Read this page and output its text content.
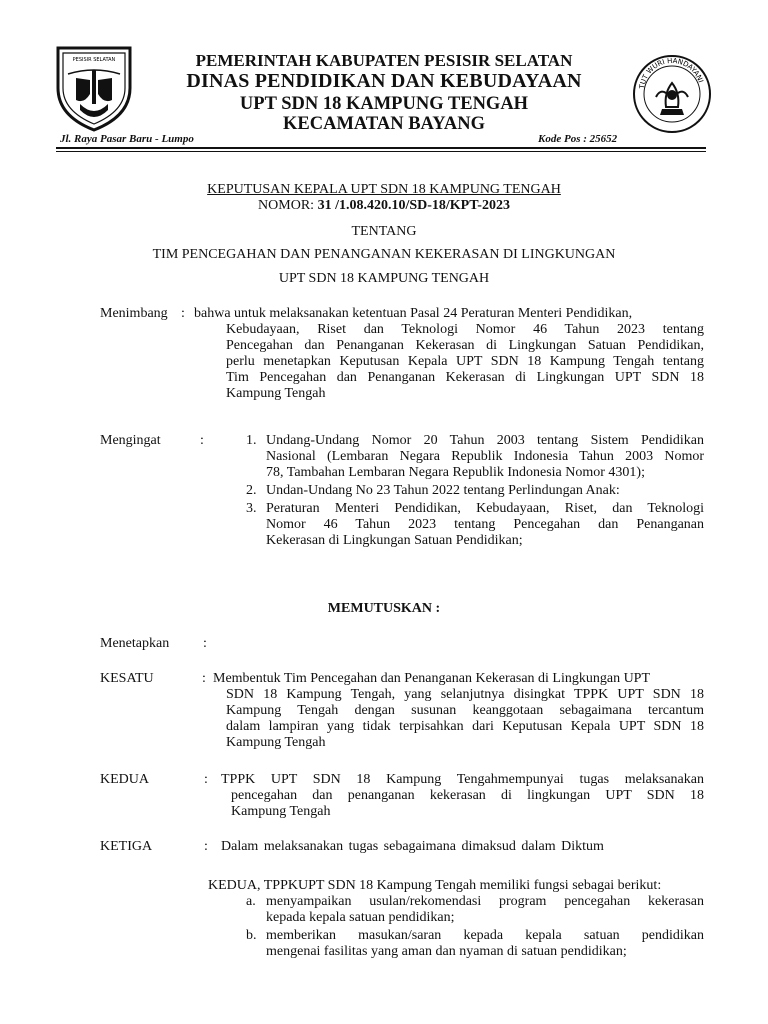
PESISIR SELATAN	PEMERINTAH KABUPATEN PESISIR SELATAN
DINAS PENDIDIKAN DAN KEBUDAYAAN
UPT SDN 18 KAMPUNG TENGAH
KECAMATAN BAYANG
TUT WURI HANDAYANI
Jl. Raya Pasar Baru - Lumpo	Kode Pos : 25652
KEPUTUSAN KEPALA UPT SDN 18 KAMPUNG TENGAH
NOMOR: 31 /1.08.420.10/SD-18/KPT-2023
TENTANG
TIM PENCEGAHAN DAN PENANGANAN KEKERASAN DI LINGKUNGAN
UPT SDN 18 KAMPUNG TENGAH
Menimbang : bahwa untuk melaksanakan ketentuan Pasal 24 Peraturan Menteri Pendidikan,
Kebudayaan, Riset dan Teknologi Nomor 46 Tahun 2023 tentang
Pencegahan dan Penanganan Kekerasan di Lingkungan Satuan Pendidikan,
perlu menetapkan Keputusan Kepala UPT SDN 18 Kampung Tengah tentang
Tim Pencegahan dan Penanganan Kekerasan di Lingkungan UPT SDN 18
Kampung Tengah
Mengingat	:	1. Undang-Undang Nomor 20 Tahun 2003 tentang Sistem Pendidikan
Nasional (Lembaran Negara Republik Indonesia Tahun 2003 Nomor
78, Tambahan Lembaran Negara Republik Indonesia Nomor 4301);
2. Undan-Undang No 23 Tahun 2022 tentang Perlindungan Anak:
3. Peraturan Menteri Pendidikan, Kebudayaan, Riset, dan Teknologi
Nomor 46 Tahun 2023 tentang Pencegahan dan Penanganan
Kekerasan di Lingkungan Satuan Pendidikan;
MEMUTUSKAN :
Menetapkan :
KESATU	: Membentuk Tim Pencegahan dan Penanganan Kekerasan di Lingkungan UPT
SDN 18 Kampung Tengah, yang selanjutnya disingkat TPPK UPT SDN 18
Kampung Tengah dengan susunan keanggotaan sebagaimana tercantum
dalam lampiran yang tidak terpisahkan dari Keputusan Kepala UPT SDN 18
Kampung Tengah
KEDUA	: TPPK UPT SDN 18 Kampung Tengahmempunyai tugas melaksanakan
pencegahan dan penanganan kekerasan di lingkungan UPT SDN 18
Kampung Tengah
KETIGA	: Dalam melaksanakan tugas sebagaimana dimaksud dalam Diktum
KEDUA, TPPKUPT SDN 18 Kampung Tengah memiliki fungsi sebagai berikut:
a. menyampaikan usulan/rekomendasi program pencegahan kekerasan
kepada kepala satuan pendidikan;
b. memberikan masukan/saran kepada kepala satuan pendidikan
mengenai fasilitas yang aman dan nyaman di satuan pendidikan;
